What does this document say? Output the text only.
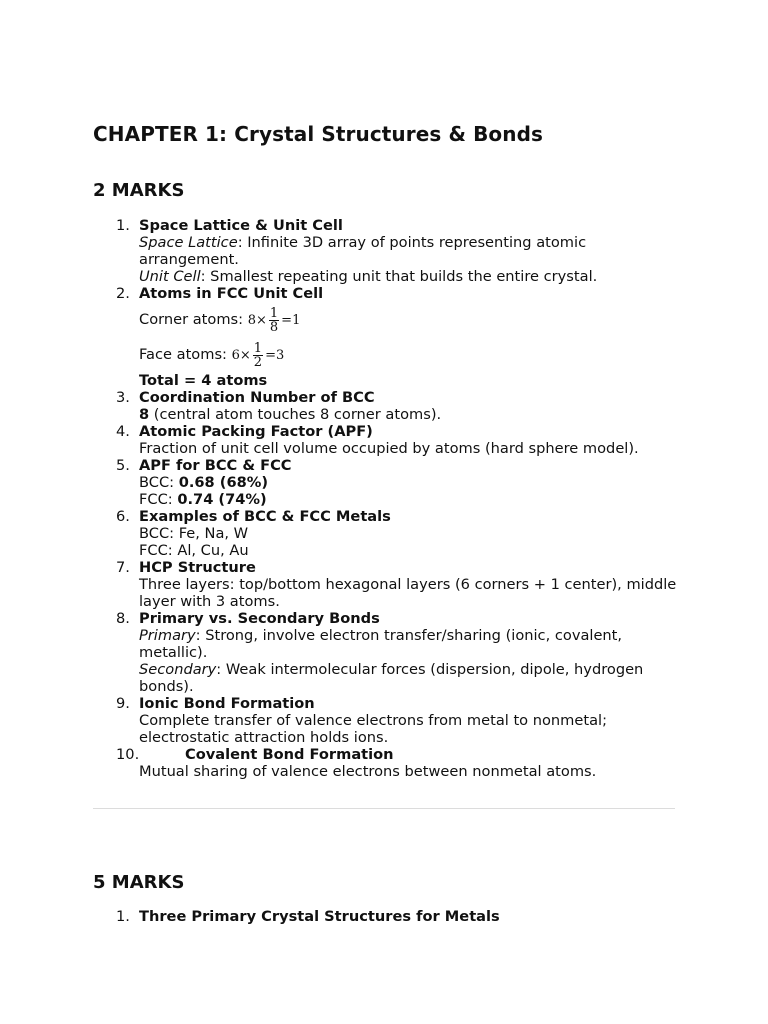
CHAPTER 1: Crystal Structures & Bonds
2 MARKS
1. Space Lattice & Unit Cell
Space Lattice: Infinite 3D array of points representing atomic arrangement.
Unit Cell: Smallest repeating unit that builds the entire crystal.
2. Atoms in FCC Unit Cell
Corner atoms: $8 \times \frac{1}{8} =1$
Face atoms: $6 \times \frac{1}{2} =3$
Total = 4 atoms
3. Coordination Number of BCC
8 (central atom touches 8 corner atoms).
4. Atomic Packing Factor (APF)
Fraction of unit cell volume occupied by atoms (hard sphere model).
5. APF for BCC & FCC
BCC: 0.68 (68%)
FCC: 0.74 (74%)
6. Examples of BCC & FCC Metals
BCC: Fe, Na, W
FCC: Al, Cu, Au
7. HCP Structure
Three layers: top/bottom hexagonal layers (6 corners + 1 center), middle layer with 3 atoms.
8. Primary vs. Secondary Bonds
Primary: Strong, involve electron transfer/sharing (ionic, covalent, metallic).
Secondary: Weak intermolecular forces (dispersion, dipole, hydrogen bonds).
9. Ionic Bond Formation
Complete transfer of valence electrons from metal to nonmetal; electrostatic attraction holds ions.
10.	Covalent Bond Formation
Mutual sharing of valence electrons between nonmetal atoms.
5 MARKS
1. Three Primary Crystal Structures for Metals
